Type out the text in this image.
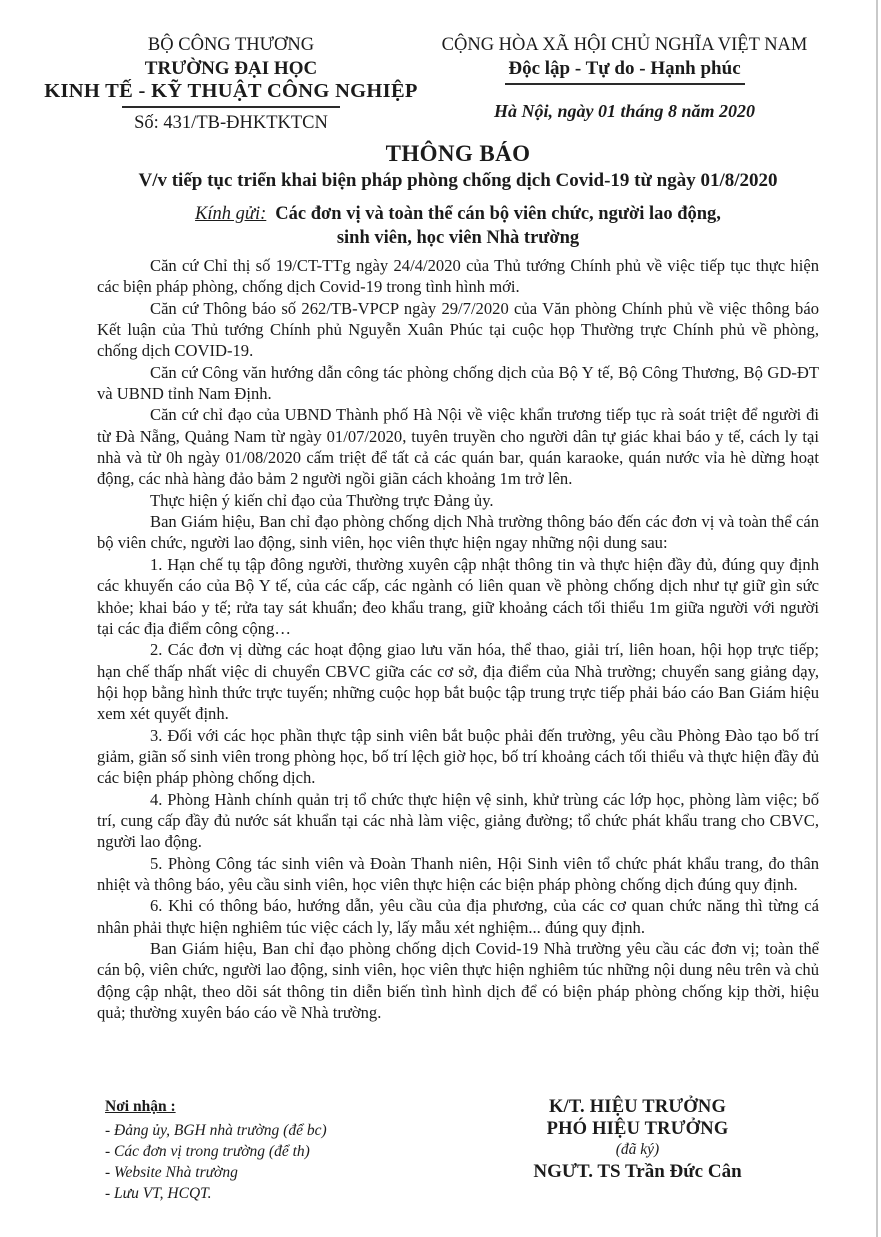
BỘ CÔNG THƯƠNG
TRƯỜNG ĐẠI HỌC
KINH TẾ - KỸ THUẬT CÔNG NGHIỆP
Số: 431/TB-ĐHKTKTCN
CỘNG HÒA XÃ HỘI CHỦ NGHĨA VIỆT NAM
Độc lập - Tự do - Hạnh phúc
Hà Nội, ngày 01 tháng 8 năm 2020
THÔNG BÁO
V/v tiếp tục triển khai biện pháp phòng chống dịch Covid-19 từ ngày 01/8/2020
Kính gửi: Các đơn vị và toàn thể cán bộ viên chức, người lao động,
sinh viên, học viên Nhà trường

Căn cứ Chỉ thị số 19/CT-TTg ngày 24/4/2020 của Thủ tướng Chính phủ về việc tiếp tục thực hiện các biện pháp phòng, chống dịch Covid-19 trong tình hình mới.

Căn cứ Thông báo số 262/TB-VPCP ngày 29/7/2020 của Văn phòng Chính phủ về việc thông báo Kết luận của Thủ tướng Chính phủ Nguyễn Xuân Phúc tại cuộc họp Thường trực Chính phủ về phòng, chống dịch COVID-19.

Căn cứ Công văn hướng dẫn công tác phòng chống dịch của Bộ Y tế, Bộ Công Thương, Bộ GD-ĐT và UBND tỉnh Nam Định.

Căn cứ chỉ đạo của UBND Thành phố Hà Nội về việc khẩn trương tiếp tục rà soát triệt để người đi từ Đà Nẵng, Quảng Nam từ ngày 01/07/2020, tuyên truyền cho người dân tự giác khai báo y tế, cách ly tại nhà và từ 0h ngày 01/08/2020 cấm triệt để tất cả các quán bar, quán karaoke, quán nước vỉa hè dừng hoạt động, các nhà hàng đảo bảm 2 người ngồi giãn cách khoảng 1m trở lên.

Thực hiện ý kiến chỉ đạo của Thường trực Đảng ủy.

Ban Giám hiệu, Ban chỉ đạo phòng chống dịch Nhà trường thông báo đến các đơn vị và toàn thể cán bộ viên chức, người lao động, sinh viên, học viên thực hiện ngay những nội dung sau:

1. Hạn chế tụ tập đông người, thường xuyên cập nhật thông tin và thực hiện đầy đủ, đúng quy định các khuyến cáo của Bộ Y tế, của các cấp, các ngành có liên quan về phòng chống dịch như tự giữ gìn sức khỏe; khai báo y tế; rửa tay sát khuẩn; đeo khẩu trang, giữ khoảng cách tối thiểu 1m giữa người với người tại các địa điểm công cộng…

2. Các đơn vị dừng các hoạt động giao lưu văn hóa, thể thao, giải trí, liên hoan, hội họp trực tiếp; hạn chế thấp nhất việc di chuyển CBVC giữa các cơ sở, địa điểm của Nhà trường; chuyển sang giảng dạy, hội họp bằng hình thức trực tuyến; những cuộc họp bắt buộc tập trung trực tiếp phải báo cáo Ban Giám hiệu xem xét quyết định.

3. Đối với các học phần thực tập sinh viên bắt buộc phải đến trường, yêu cầu Phòng Đào tạo bố trí giảm, giãn số sinh viên trong phòng học, bố trí lệch giờ học, bố trí khoảng cách tối thiểu và thực hiện đầy đủ các biện pháp phòng chống dịch.

4. Phòng Hành chính quản trị tổ chức thực hiện vệ sinh, khử trùng các lớp học, phòng làm việc; bố trí, cung cấp đầy đủ nước sát khuẩn tại các nhà làm việc, giảng đường; tổ chức phát khẩu trang cho CBVC, người lao động.

5. Phòng Công tác sinh viên và Đoàn Thanh niên, Hội Sinh viên tổ chức phát khẩu trang, đo thân nhiệt và thông báo, yêu cầu sinh viên, học viên thực hiện các biện pháp phòng chống dịch đúng quy định.

6. Khi có thông báo, hướng dẫn, yêu cầu của địa phương, của các cơ quan chức năng thì từng cá nhân phải thực hiện nghiêm túc việc cách ly, lấy mẫu xét nghiệm... đúng quy định.

Ban Giám hiệu, Ban chỉ đạo phòng chống dịch Covid-19 Nhà trường yêu cầu các đơn vị; toàn thể cán bộ, viên chức, người lao động, sinh viên, học viên thực hiện nghiêm túc những nội dung nêu trên và chủ động cập nhật, theo dõi sát thông tin diễn biến tình hình dịch để có biện pháp phòng chống kịp thời, hiệu quả; thường xuyên báo cáo về Nhà trường.

Nơi nhận :
- Đảng ủy, BGH nhà trường (để bc)
- Các đơn vị trong trường (để th)
- Website Nhà trường
- Lưu VT, HCQT.
K/T. HIỆU TRƯỞNG
PHÓ HIỆU TRƯỞNG
(đã ký)
NGƯT. TS Trần Đức Cân
